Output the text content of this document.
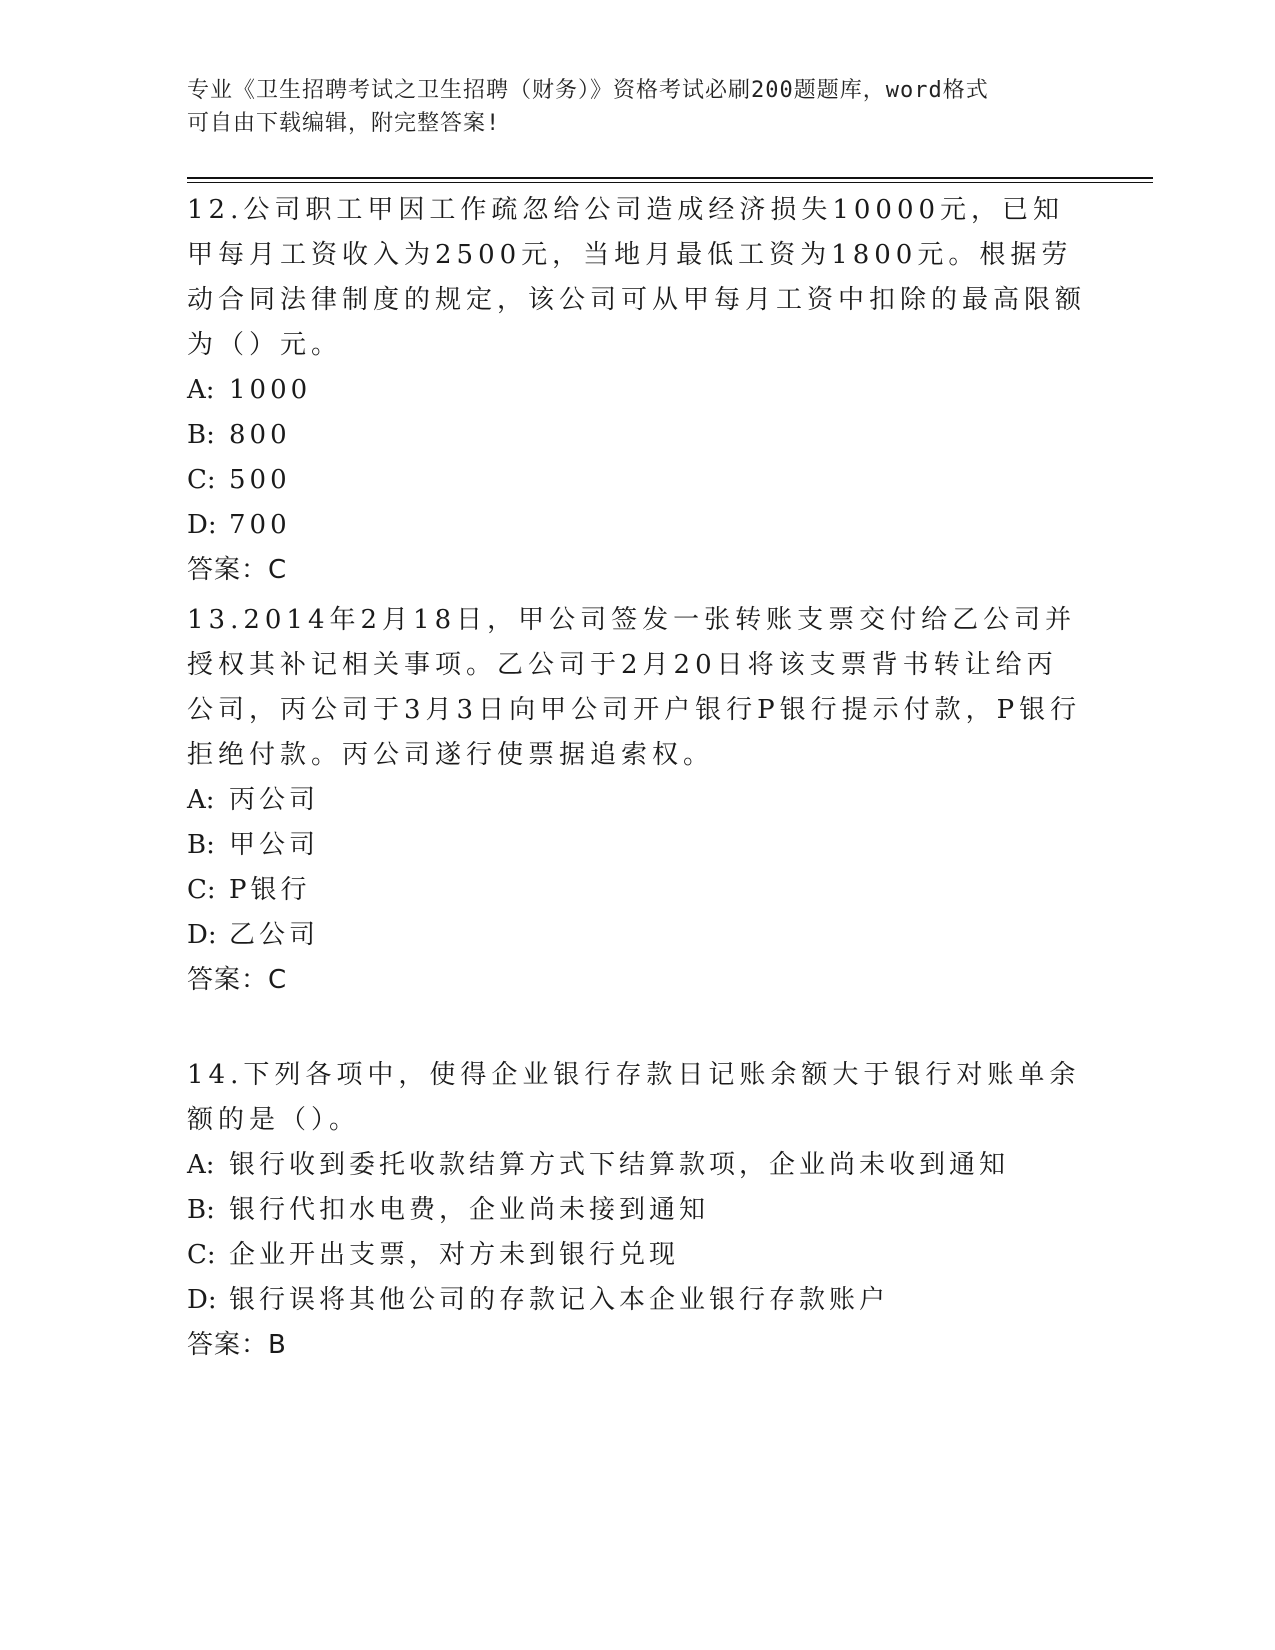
专业《卫生招聘考试之卫生招聘（财务）》资格考试必刷200题题库，word格式
可自由下载编辑，附完整答案!

12.公司职工甲因工作疏忽给公司造成经济损失10000元，已知甲每月工资收入为2500元，当地月最低工资为1800元。根据劳动合同法律制度的规定，该公司可从甲每月工资中扣除的最高限额为（）元。

A: 1000

B: 800

C: 500

D: 700

答案：C

13.2014年2月18日，甲公司签发一张转账支票交付给乙公司并授权其补记相关事项。乙公司于2月20日将该支票背书转让给丙公司，丙公司于3月3日向甲公司开户银行P银行提示付款，P银行拒绝付款。丙公司遂行使票据追索权。

A: 丙公司

B: 甲公司

C: P银行

D: 乙公司

答案：C

14.下列各项中，使得企业银行存款日记账余额大于银行对账单余额的是（）。

A: 银行收到委托收款结算方式下结算款项，企业尚未收到通知

B: 银行代扣水电费，企业尚未接到通知

C: 企业开出支票，对方未到银行兑现

D: 银行误将其他公司的存款记入本企业银行存款账户

答案：B
